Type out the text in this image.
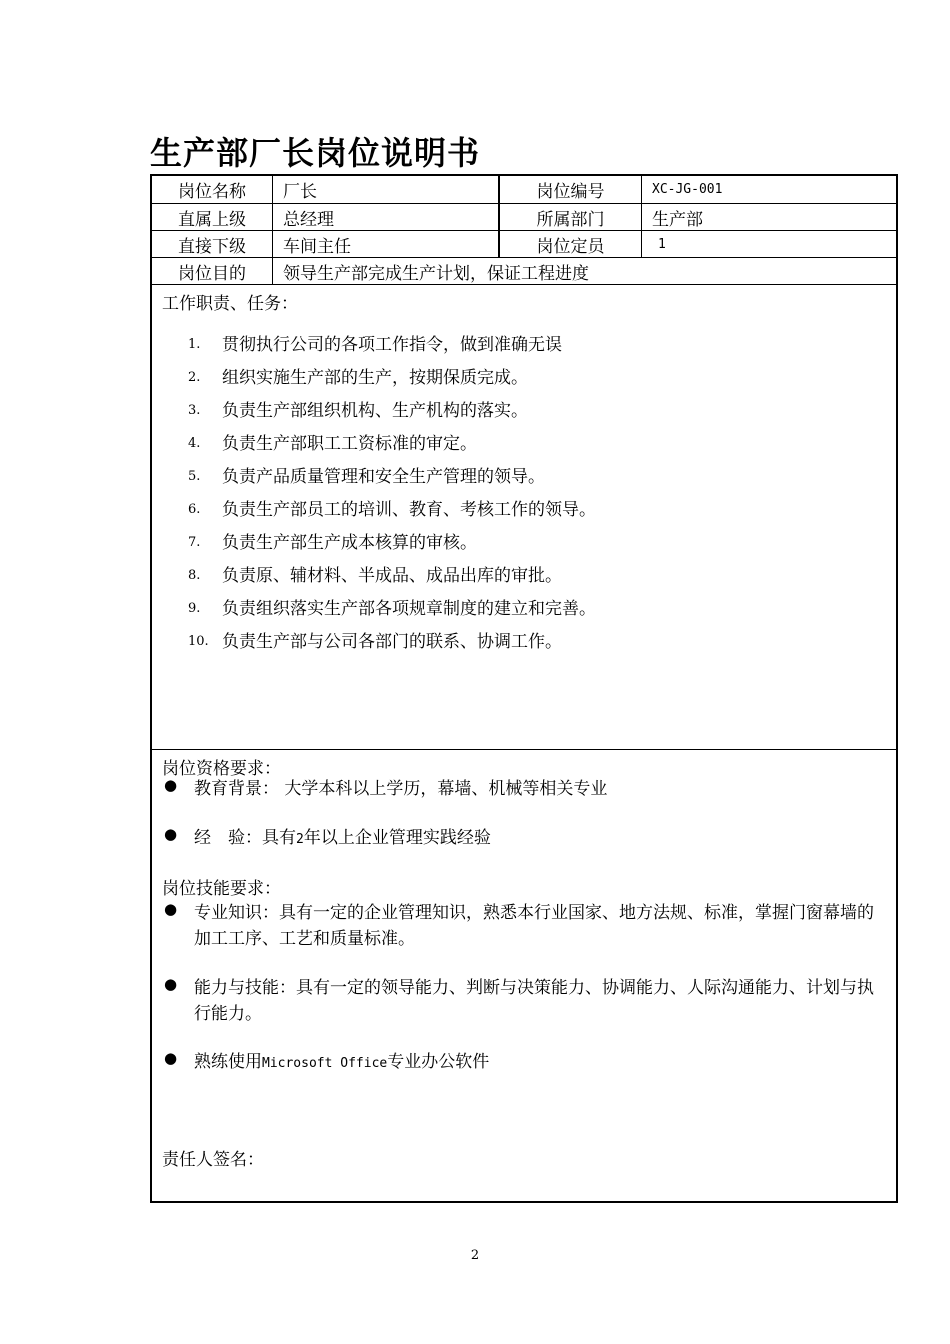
生产部厂长岗位说明书
岗位名称	厂长	岗位编号	XC-JG-001
直属上级	总经理	所属部门	生产部
直接下级	车间主任	岗位定员	1
岗位目的	领导生产部完成生产计划，保证工程进度
工作职责、任务：
1. 贯彻执行公司的各项工作指令，做到准确无误
2. 组织实施生产部的生产，按期保质完成。
3. 负责生产部组织机构、生产机构的落实。
4. 负责生产部职工工资标准的审定。
5. 负责产品质量管理和安全生产管理的领导。
6. 负责生产部员工的培训、教育、考核工作的领导。
7. 负责生产部生产成本核算的审核。
8. 负责原、辅材料、半成品、成品出库的审批。
9. 负责组织落实生产部各项规章制度的建立和完善。
10. 负责生产部与公司各部门的联系、协调工作。
岗位资格要求：
● 教育背景： 大学本科以上学历，幕墙、机械等相关专业
● 经　验：具有2年以上企业管理实践经验
岗位技能要求：
● 专业知识：具有一定的企业管理知识，熟悉本行业国家、地方法规、标准，掌握门窗幕墙的加工工序、工艺和质量标准。
● 能力与技能：具有一定的领导能力、判断与决策能力、协调能力、人际沟通能力、计划与执行能力。
● 熟练使用Microsoft Office专业办公软件
责任人签名：
2
